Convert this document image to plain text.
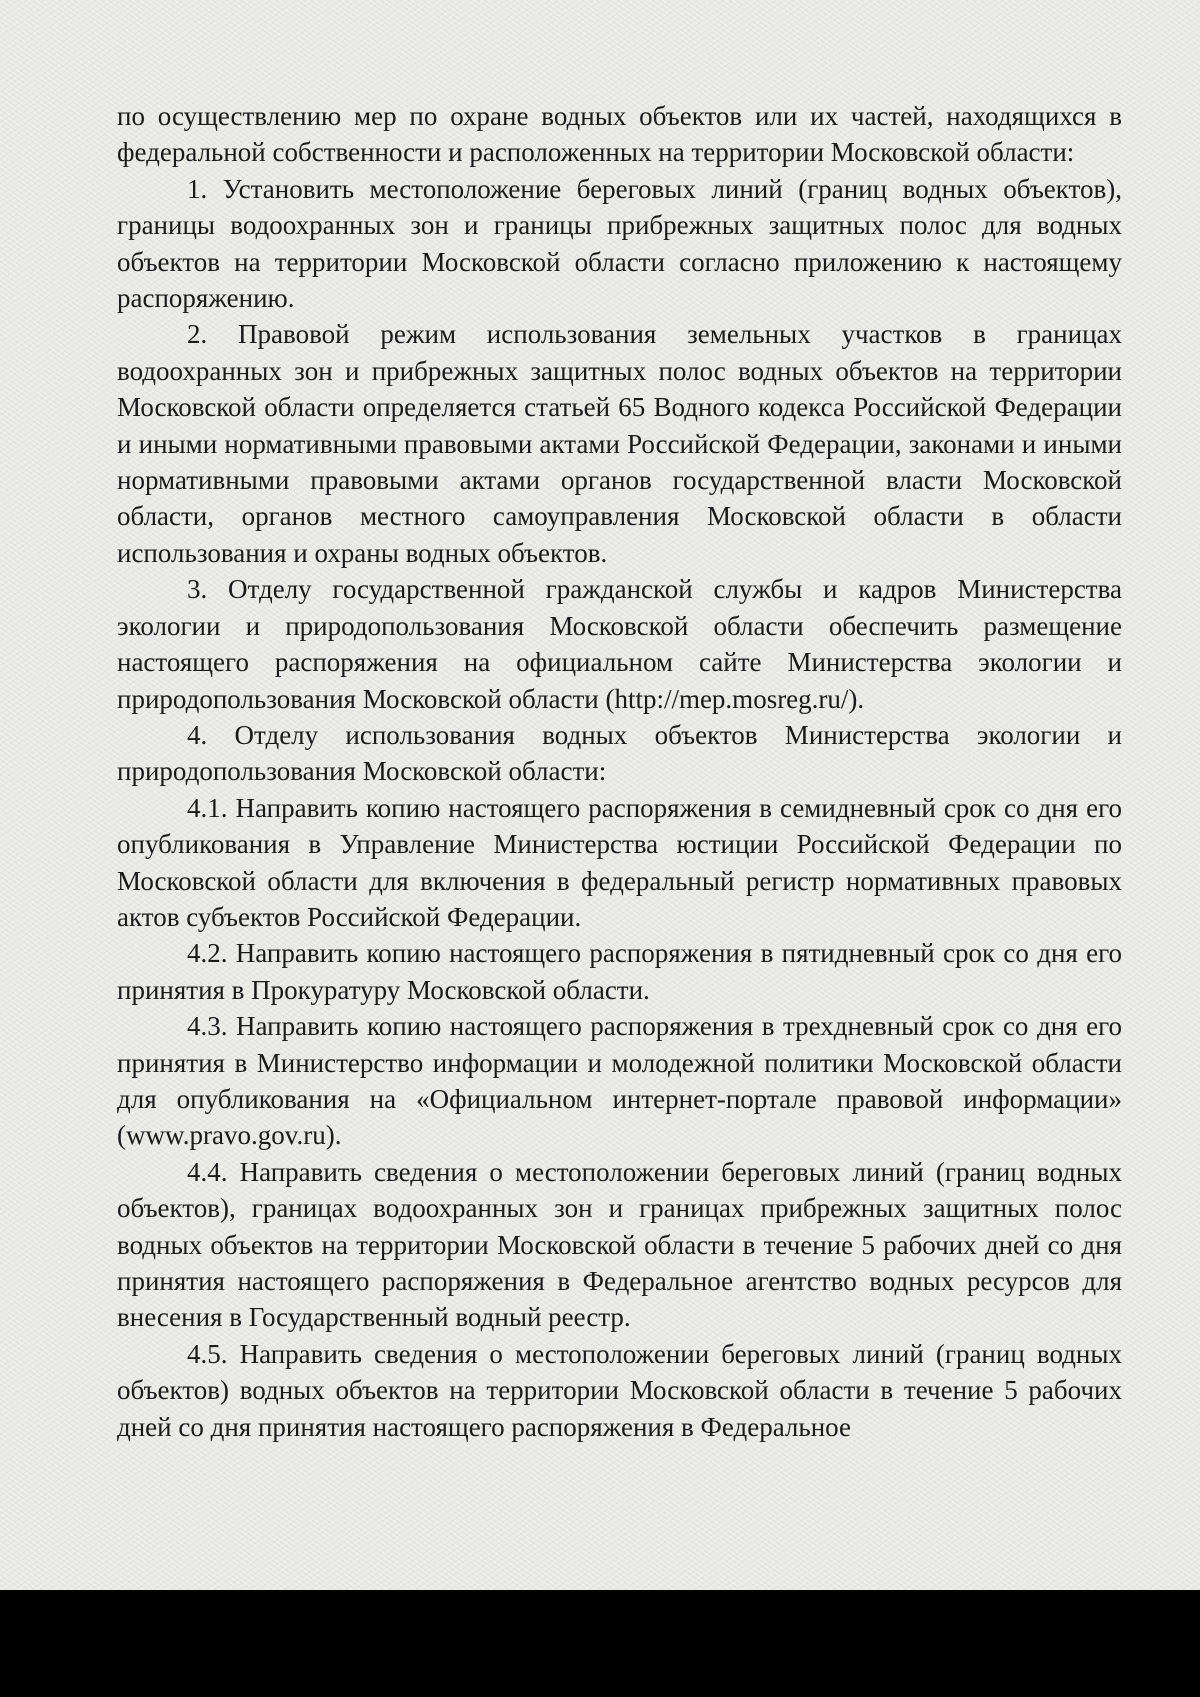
по осуществлению мер по охране водных объектов или их частей, находящихся в федеральной собственности и расположенных на территории Московской области:

1. Установить местоположение береговых линий (границ водных объектов), границы водоохранных зон и границы прибрежных защитных полос для водных объектов на территории Московской области согласно приложению к настоящему распоряжению.

2. Правовой режим использования земельных участков в границах водоохранных зон и прибрежных защитных полос водных объектов на территории Московской области определяется статьей 65 Водного кодекса Российской Федерации и иными нормативными правовыми актами Российской Федерации, законами и иными нормативными правовыми актами органов государственной власти Московской области, органов местного самоуправления Московской области в области использования и охраны водных объектов.

3. Отделу государственной гражданской службы и кадров Министерства экологии и природопользования Московской области обеспечить размещение настоящего распоряжения на официальном сайте Министерства экологии и природопользования Московской области (http://mep.mosreg.ru/).

4. Отделу использования водных объектов Министерства экологии и природопользования Московской области:

4.1. Направить копию настоящего распоряжения в семидневный срок со дня его опубликования в Управление Министерства юстиции Российской Федерации по Московской области для включения в федеральный регистр нормативных правовых актов субъектов Российской Федерации.

4.2. Направить копию настоящего распоряжения в пятидневный срок со дня его принятия в Прокуратуру Московской области.

4.3. Направить копию настоящего распоряжения в трехдневный срок со дня его принятия в Министерство информации и молодежной политики Московской области для опубликования на «Официальном интернет-портале правовой информации» (www.pravo.gov.ru).

4.4. Направить сведения о местоположении береговых линий (границ водных объектов), границах водоохранных зон и границах прибрежных защитных полос водных объектов на территории Московской области в течение 5 рабочих дней со дня принятия настоящего распоряжения в Федеральное агентство водных ресурсов для внесения в Государственный водный реестр.

4.5. Направить сведения о местоположении береговых линий (границ водных объектов) водных объектов на территории Московской области в течение 5 рабочих дней со дня принятия настоящего распоряжения в Федеральное
